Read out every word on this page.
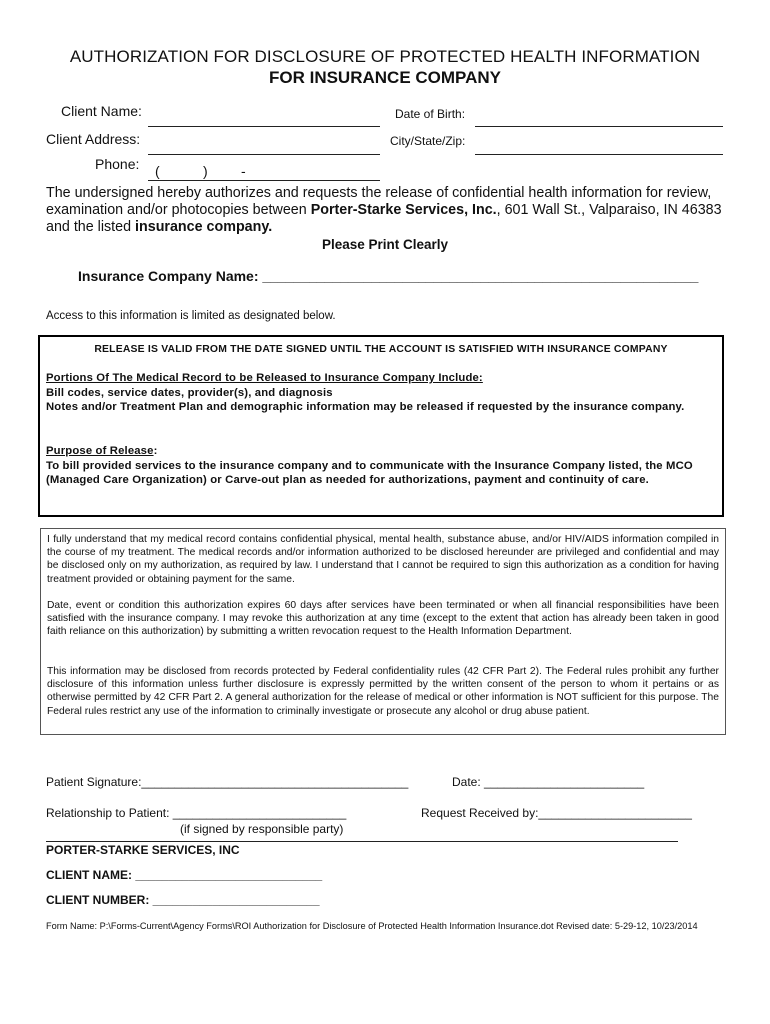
AUTHORIZATION FOR DISCLOSURE OF PROTECTED HEALTH INFORMATION
FOR INSURANCE COMPANY
Client Name:	Date of Birth:
Client Address:	City/State/Zip:
Phone: (	) -
The undersigned hereby authorizes and requests the release of confidential health information for review, examination and/or photocopies between Porter-Starke Services, Inc., 601 Wall St., Valparaiso, IN 46383 and the listed insurance company.
Please Print Clearly
Insurance Company Name: ________________________________________________________
Access to this information is limited as designated below.
RELEASE IS VALID FROM THE DATE SIGNED UNTIL THE ACCOUNT IS SATISFIED WITH INSURANCE COMPANY
Portions Of The Medical Record to be Released to Insurance Company Include:
Bill codes, service dates, provider(s), and diagnosis
Notes and/or Treatment Plan and demographic information may be released if requested by the insurance company.
Purpose of Release:
To bill provided services to the insurance company and to communicate with the Insurance Company listed, the MCO (Managed Care Organization) or Carve-out plan as needed for authorizations, payment and continuity of care.

I fully understand that my medical record contains confidential physical, mental health, substance abuse, and/or HIV/AIDS information compiled in the course of my treatment. The medical records and/or information authorized to be disclosed hereunder are privileged and confidential and may be disclosed only on my authorization, as required by law. I understand that I cannot be required to sign this authorization as a condition for having treatment provided or obtaining payment for the same.

Date, event or condition this authorization expires 60 days after services have been terminated or when all financial responsibilities have been satisfied with the insurance company. I may revoke this authorization at any time (except to the extent that action has already been taken in good faith reliance on this authorization) by submitting a written revocation request to the Health Information Department.

This information may be disclosed from records protected by Federal confidentiality rules (42 CFR Part 2). The Federal rules prohibit any further disclosure of this information unless further disclosure is expressly permitted by the written consent of the person to whom it pertains or as otherwise permitted by 42 CFR Part 2. A general authorization for the release of medical or other information is NOT sufficient for this purpose. The Federal rules restrict any use of the information to criminally investigate or prosecute any alcohol or drug abuse patient.

Patient Signature:________________________________________	Date: ________________________
Relationship to Patient: __________________________	Request Received by:_______________________
(if signed by responsible party)
PORTER-STARKE SERVICES, INC
CLIENT NAME: ____________________________
CLIENT NUMBER: _________________________
Form Name: P:\Forms-Current\Agency Forms\ROI Authorization for Disclosure of Protected Health Information Insurance.dot Revised date: 5-29-12, 10/23/2014
